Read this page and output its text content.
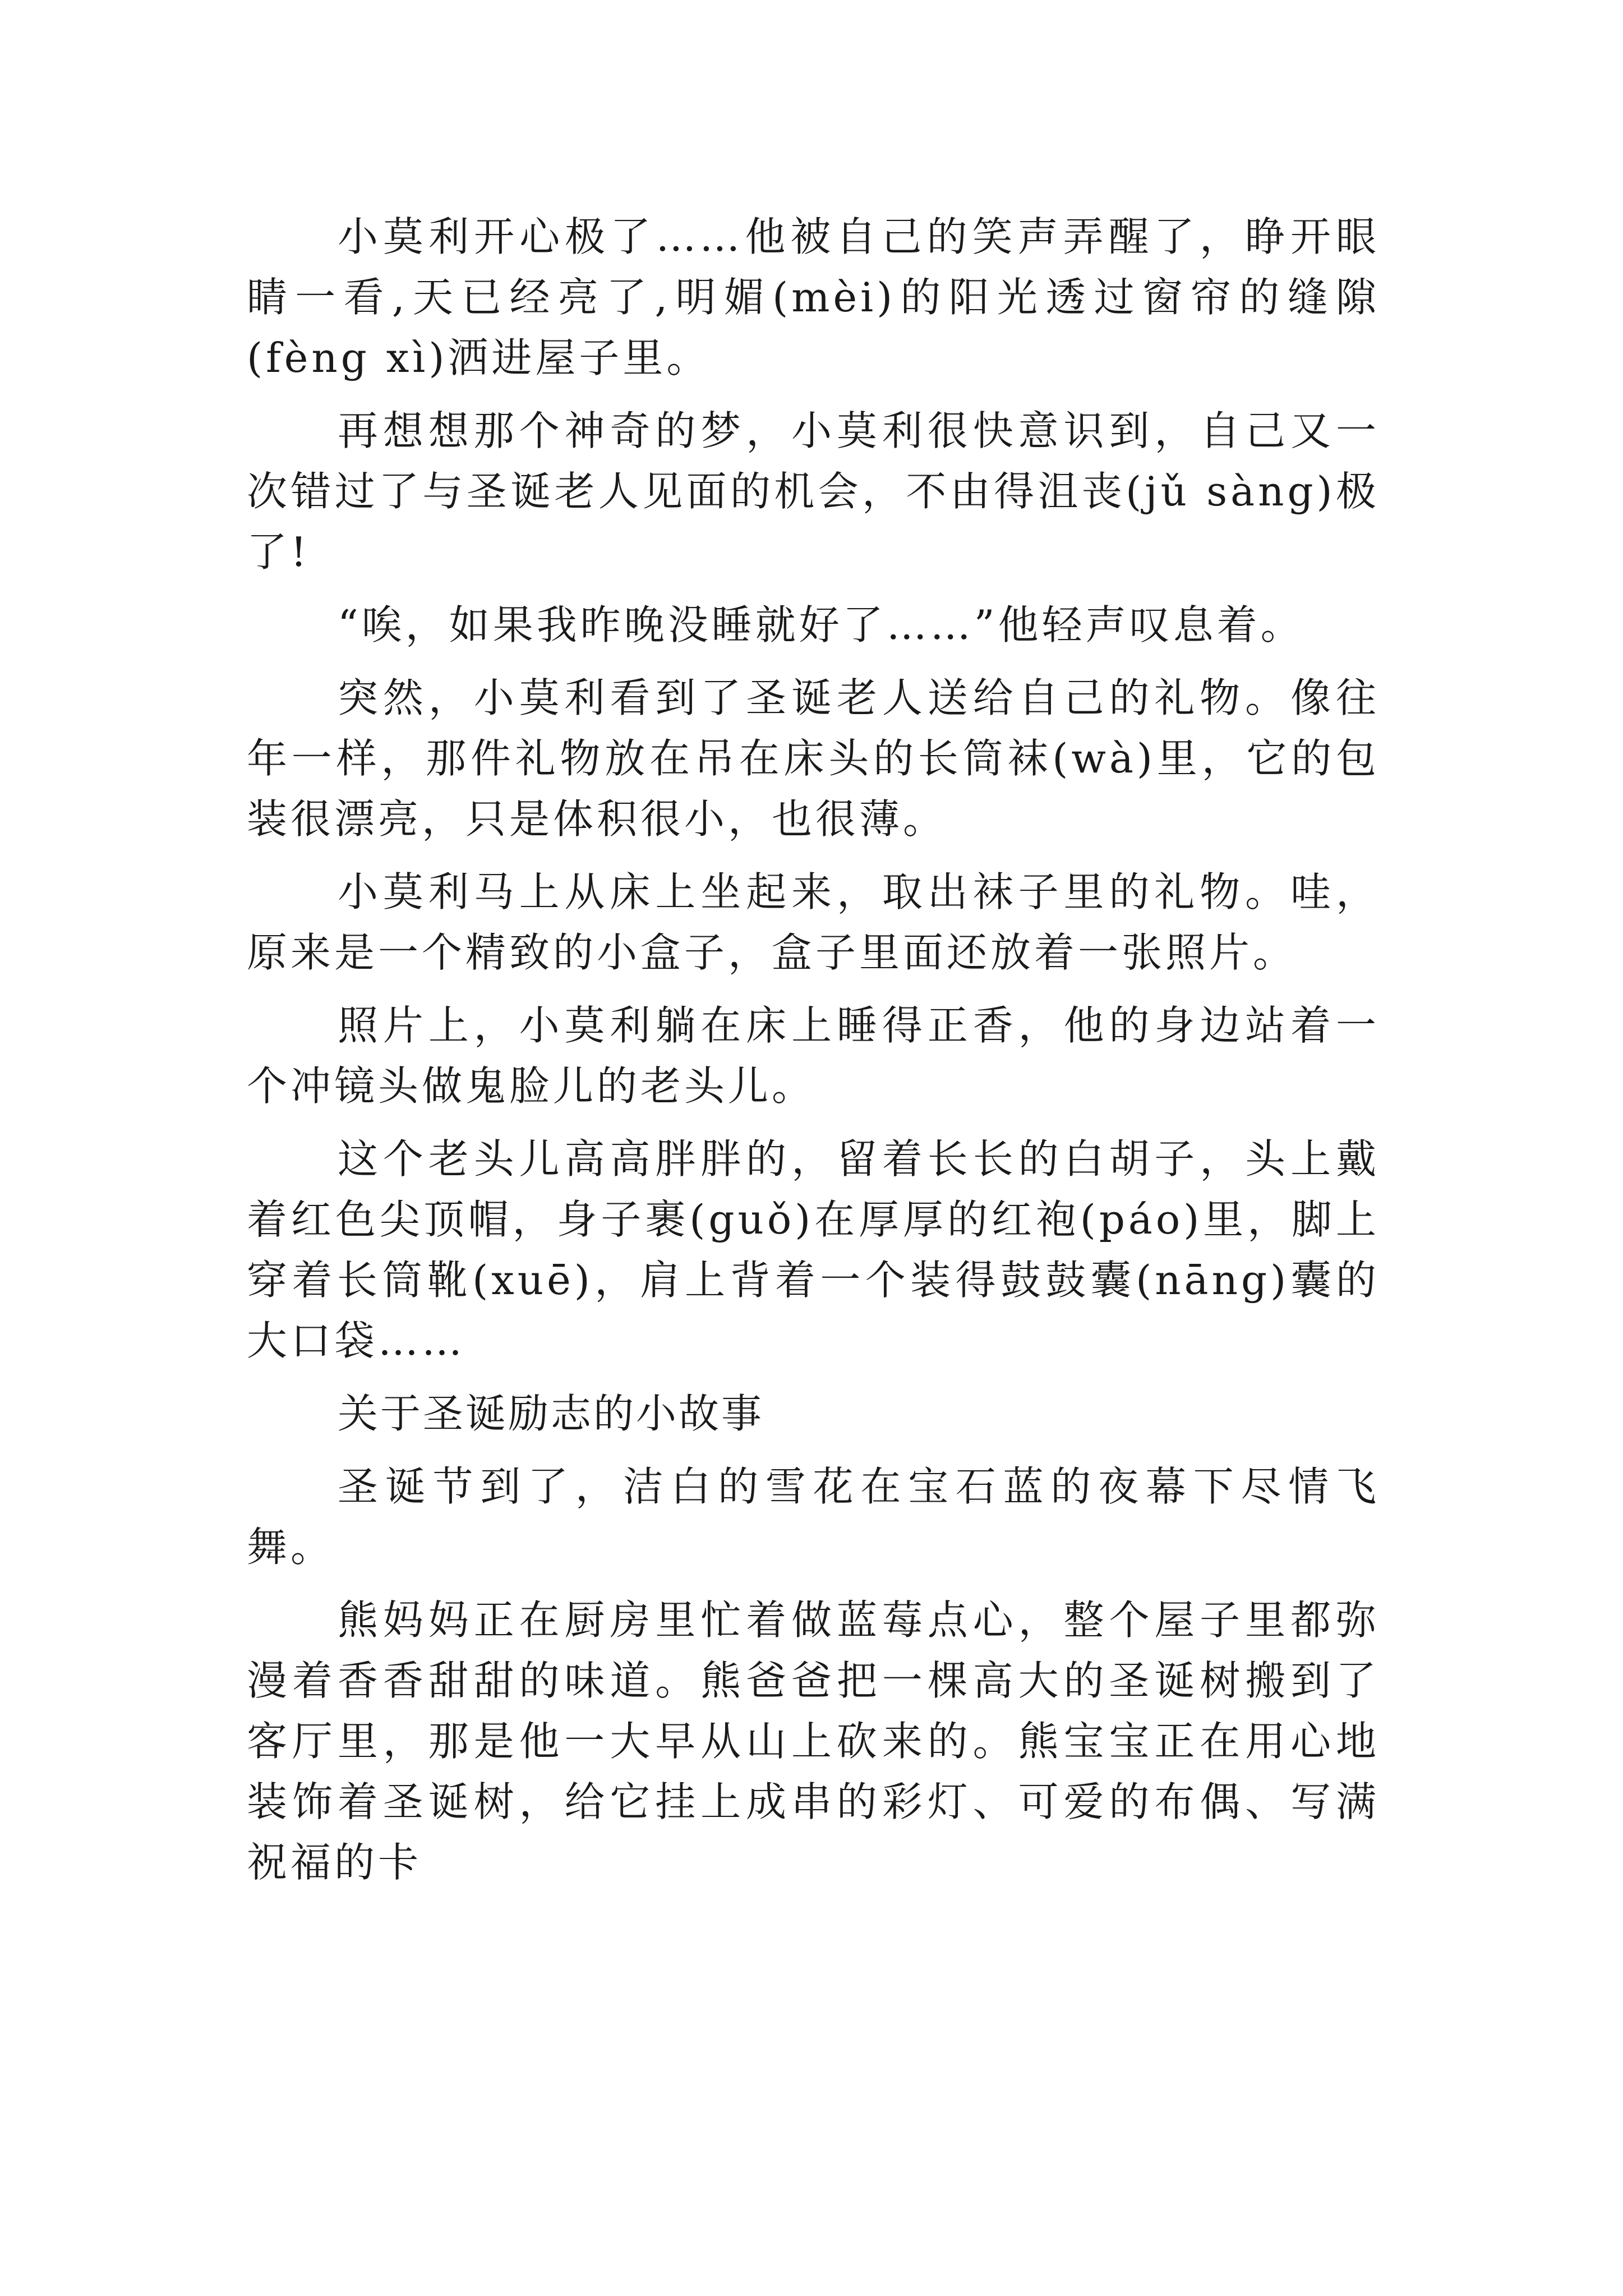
小莫利开心极了……他被自己的笑声弄醒了，睁开眼睛一看,天已经亮了,明媚(mèi)的阳光透过窗帘的缝隙(fèng xì)洒进屋子里。

再想想那个神奇的梦，小莫利很快意识到，自己又一次错过了与圣诞老人见面的机会，不由得沮丧(jǔ sàng)极了!

“唉，如果我昨晚没睡就好了……”他轻声叹息着。

突然，小莫利看到了圣诞老人送给自己的礼物。像往年一样，那件礼物放在吊在床头的长筒袜(wà)里，它的包装很漂亮，只是体积很小，也很薄。

小莫利马上从床上坐起来，取出袜子里的礼物。哇，原来是一个精致的小盒子，盒子里面还放着一张照片。

照片上，小莫利躺在床上睡得正香，他的身边站着一个冲镜头做鬼脸儿的老头儿。

这个老头儿高高胖胖的，留着长长的白胡子，头上戴着红色尖顶帽，身子裹(guǒ)在厚厚的红袍(páo)里，脚上穿着长筒靴(xuē)，肩上背着一个装得鼓鼓囊(nāng)囊的大口袋……

关于圣诞励志的小故事

圣诞节到了，洁白的雪花在宝石蓝的夜幕下尽情飞舞。

熊妈妈正在厨房里忙着做蓝莓点心，整个屋子里都弥漫着香香甜甜的味道。熊爸爸把一棵高大的圣诞树搬到了客厅里，那是他一大早从山上砍来的。熊宝宝正在用心地装饰着圣诞树，给它挂上成串的彩灯、可爱的布偶、写满祝福的卡
